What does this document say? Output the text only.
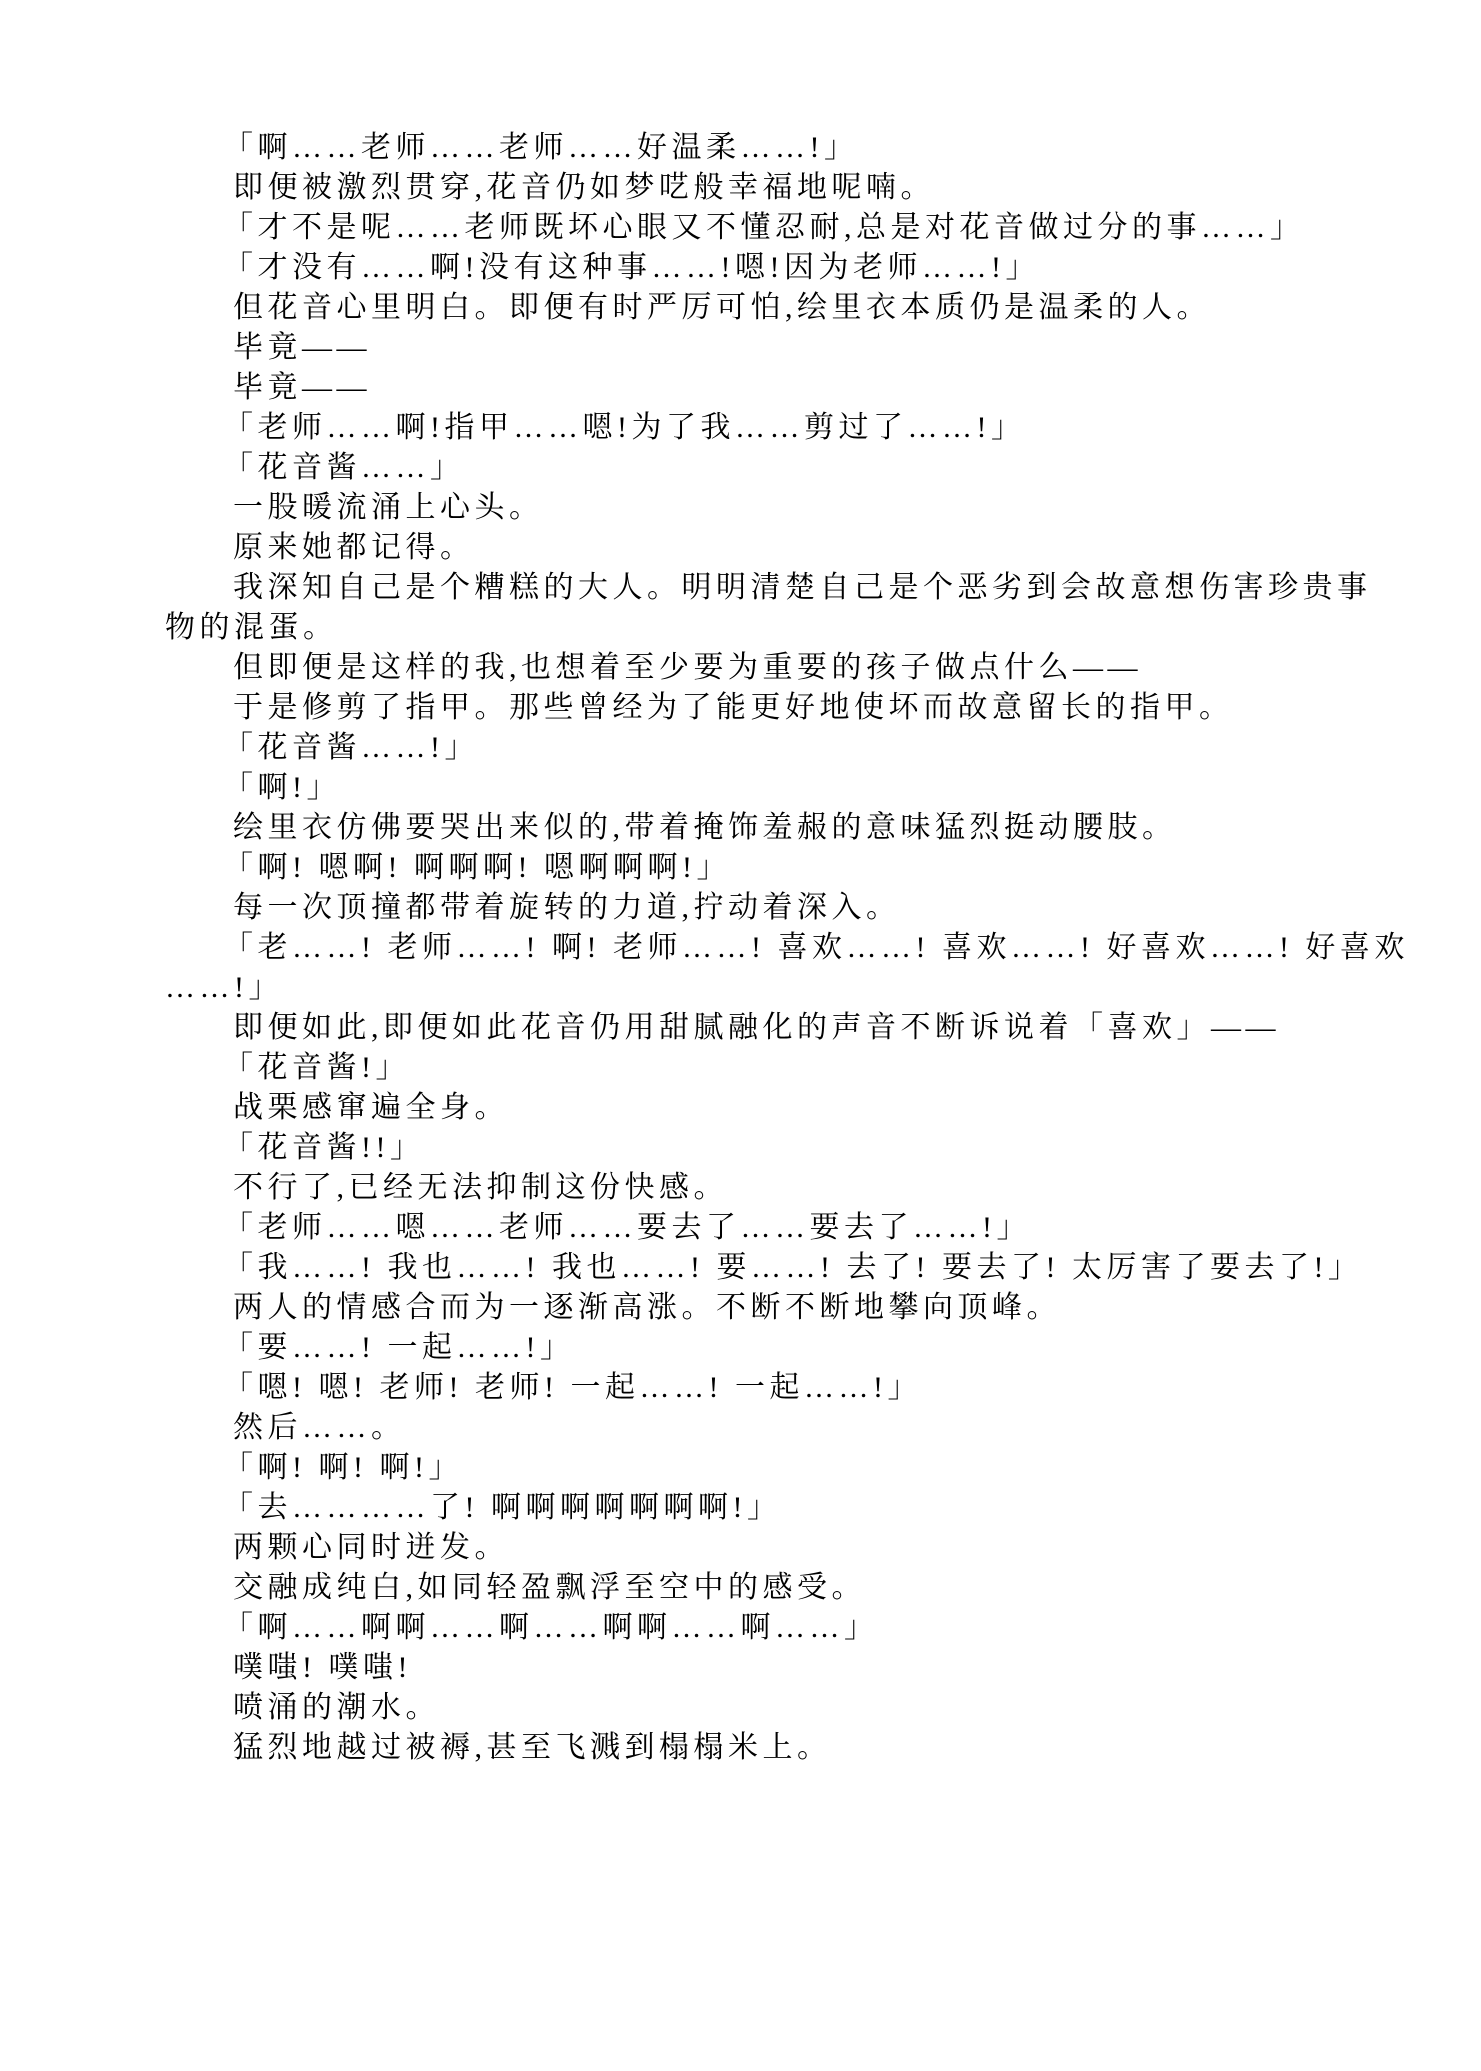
「啊……老师……老师……好温柔……!」
即便被激烈贯穿,花音仍如梦呓般幸福地呢喃。
「才不是呢……老师既坏心眼又不懂忍耐,总是对花音做过分的事……」
「才没有……啊!没有这种事……!嗯!因为老师……!」
但花音心里明白。即便有时严厉可怕,绘里衣本质仍是温柔的人。
毕竟——
毕竟——
「老师……啊!指甲……嗯!为了我……剪过了……!」
「花音酱……」
一股暖流涌上心头。
原来她都记得。
我深知自己是个糟糕的大人。明明清楚自己是个恶劣到会故意想伤害珍贵事
物的混蛋。
但即便是这样的我,也想着至少要为重要的孩子做点什么——
于是修剪了指甲。那些曾经为了能更好地使坏而故意留长的指甲。
「花音酱……!」
「啊!」
绘里衣仿佛要哭出来似的,带着掩饰羞赧的意味猛烈挺动腰肢。
「啊! 嗯啊! 啊啊啊! 嗯啊啊啊!」
每一次顶撞都带着旋转的力道,拧动着深入。
「老……! 老师……! 啊! 老师……! 喜欢……! 喜欢……! 好喜欢……! 好喜欢
……!」
即便如此,即便如此花音仍用甜腻融化的声音不断诉说着「喜欢」——
「花音酱!」
战栗感窜遍全身。
「花音酱!!」
不行了,已经无法抑制这份快感。
「老师……嗯……老师……要去了……要去了……!」
「我……! 我也……! 我也……! 要……! 去了! 要去了! 太厉害了要去了!」
两人的情感合而为一逐渐高涨。不断不断地攀向顶峰。
「要……! 一起……!」
「嗯! 嗯! 老师! 老师! 一起……! 一起……!」
然后……。
「啊! 啊! 啊!」
「去…………了! 啊啊啊啊啊啊啊!」
两颗心同时迸发。
交融成纯白,如同轻盈飘浮至空中的感受。
「啊……啊啊……啊……啊啊……啊……」
噗嗤! 噗嗤!
喷涌的潮水。
猛烈地越过被褥,甚至飞溅到榻榻米上。
